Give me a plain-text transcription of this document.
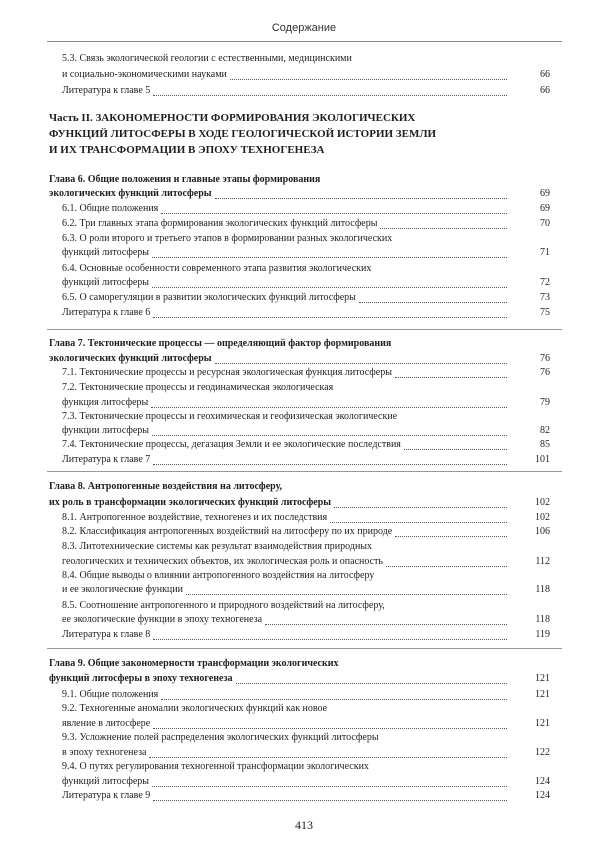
Содержание
5.3. Связь экологической геологии с естественными, медицинскими
и социально-экономическими науками	66
Литература к главе 5	66
Часть II. ЗАКОНОМЕРНОСТИ ФОРМИРОВАНИЯ ЭКОЛОГИЧЕСКИХ
ФУНКЦИЙ ЛИТОСФЕРЫ В ХОДЕ ГЕОЛОГИЧЕСКОЙ ИСТОРИИ ЗЕМЛИ
И ИХ ТРАНСФОРМАЦИИ В ЭПОХУ ТЕХНОГЕНЕЗА
Глава 6. Общие положения и главные этапы формирования
экологических функций литосферы	69
6.1. Общие положения	69
6.2. Три главных этапа формирования экологических функций литосферы	70
6.3. О роли второго и третьего этапов в формировании разных экологических
функций литосферы	71
6.4. Основные особенности современного этапа развития экологических
функций литосферы	72
6.5. О саморегуляции в развитии экологических функций литосферы	73
Литература к главе 6	75
Глава 7. Тектонические процессы — определяющий фактор формирования
экологических функций литосферы	76
7.1. Тектонические процессы и ресурсная экологическая функция литосферы	76
7.2. Тектонические процессы и геодинамическая экологическая
функция литосферы	79
7.3. Тектонические процессы и геохимическая и геофизическая экологические
функции литосферы	82
7.4. Тектонические процессы, дегазация Земли и ее экологические последствия	85
Литература к главе 7	101
Глава 8. Антропогенные воздействия на литосферу,
их роль в трансформации экологических функций литосферы	102
8.1. Антропогенное воздействие, техногенез и их последствия	102
8.2. Классификация антропогенных воздействий на литосферу по их природе	106
8.3. Литотехнические системы как результат взаимодействия природных
геологических и технических объектов, их экологическая роль и опасность	112
8.4. Общие выводы о влиянии антропогенного воздействия на литосферу
и ее экологические функции	118
8.5. Соотношение антропогенного и природного воздействий на литосферу,
ее экологические функции в эпоху техногенеза	118
Литература к главе 8	119
Глава 9. Общие закономерности трансформации экологических
функций литосферы в эпоху техногенеза	121
9.1. Общие положения	121
9.2. Техногенные аномалии экологических функций как новое
явление в литосфере	121
9.3. Усложнение полей распределения экологических функций литосферы
в эпоху техногенеза	122
9.4. О путях регулирования техногенной трансформации экологических
функций литосферы	124
Литература к главе 9	124
413
